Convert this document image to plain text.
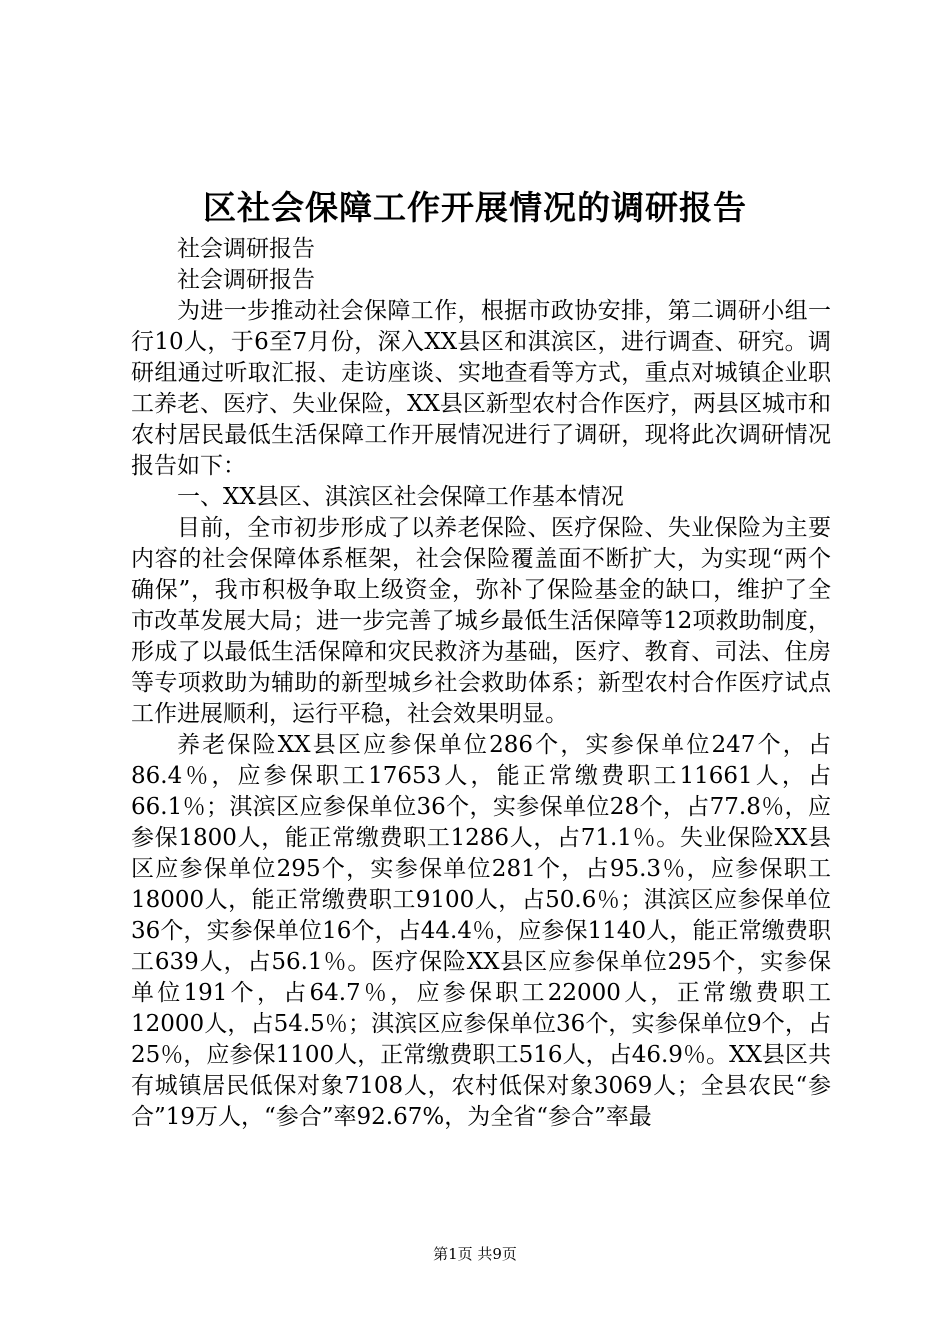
区社会保障工作开展情况的调研报告

社会调研报告

社会调研报告

为进一步推动社会保障工作，根据市政协安排，第二调研小组一行10人，于6至7月份，深入XX县区和淇滨区，进行调查、研究。调研组通过听取汇报、走访座谈、实地查看等方式，重点对城镇企业职工养老、医疗、失业保险，XX县区新型农村合作医疗，两县区城市和农村居民最低生活保障工作开展情况进行了调研，现将此次调研情况报告如下：

一、XX县区、淇滨区社会保障工作基本情况

目前，全市初步形成了以养老保险、医疗保险、失业保险为主要内容的社会保障体系框架，社会保险覆盖面不断扩大，为实现“两个确保”，我市积极争取上级资金，弥补了保险基金的缺口，维护了全市改革发展大局；进一步完善了城乡最低生活保障等12项救助制度，形成了以最低生活保障和灾民救济为基础，医疗、教育、司法、住房等专项救助为辅助的新型城乡社会救助体系；新型农村合作医疗试点工作进展顺利，运行平稳，社会效果明显。

养老保险XX县区应参保单位286个，实参保单位247个，占86.4％，应参保职工17653人，能正常缴费职工11661人，占66.1％；淇滨区应参保单位36个，实参保单位28个，占77.8％，应参保1800人，能正常缴费职工1286人，占71.1％。失业保险XX县区应参保单位295个，实参保单位281个，占95.3％，应参保职工18000人，能正常缴费职工9100人，占50.6％；淇滨区应参保单位36个，实参保单位16个，占44.4％，应参保1140人，能正常缴费职工639人，占56.1％。医疗保险XX县区应参保单位295个，实参保单位191个，占64.7％，应参保职工22000人，正常缴费职工12000人，占54.5％；淇滨区应参保单位36个，实参保单位9个，占25％，应参保1100人，正常缴费职工516人，占46.9％。XX县区共有城镇居民低保对象7108人，农村低保对象3069人；全县农民“参合”19万人，“参合”率92.67%，为全省“参合”率最

第1页 共9页
